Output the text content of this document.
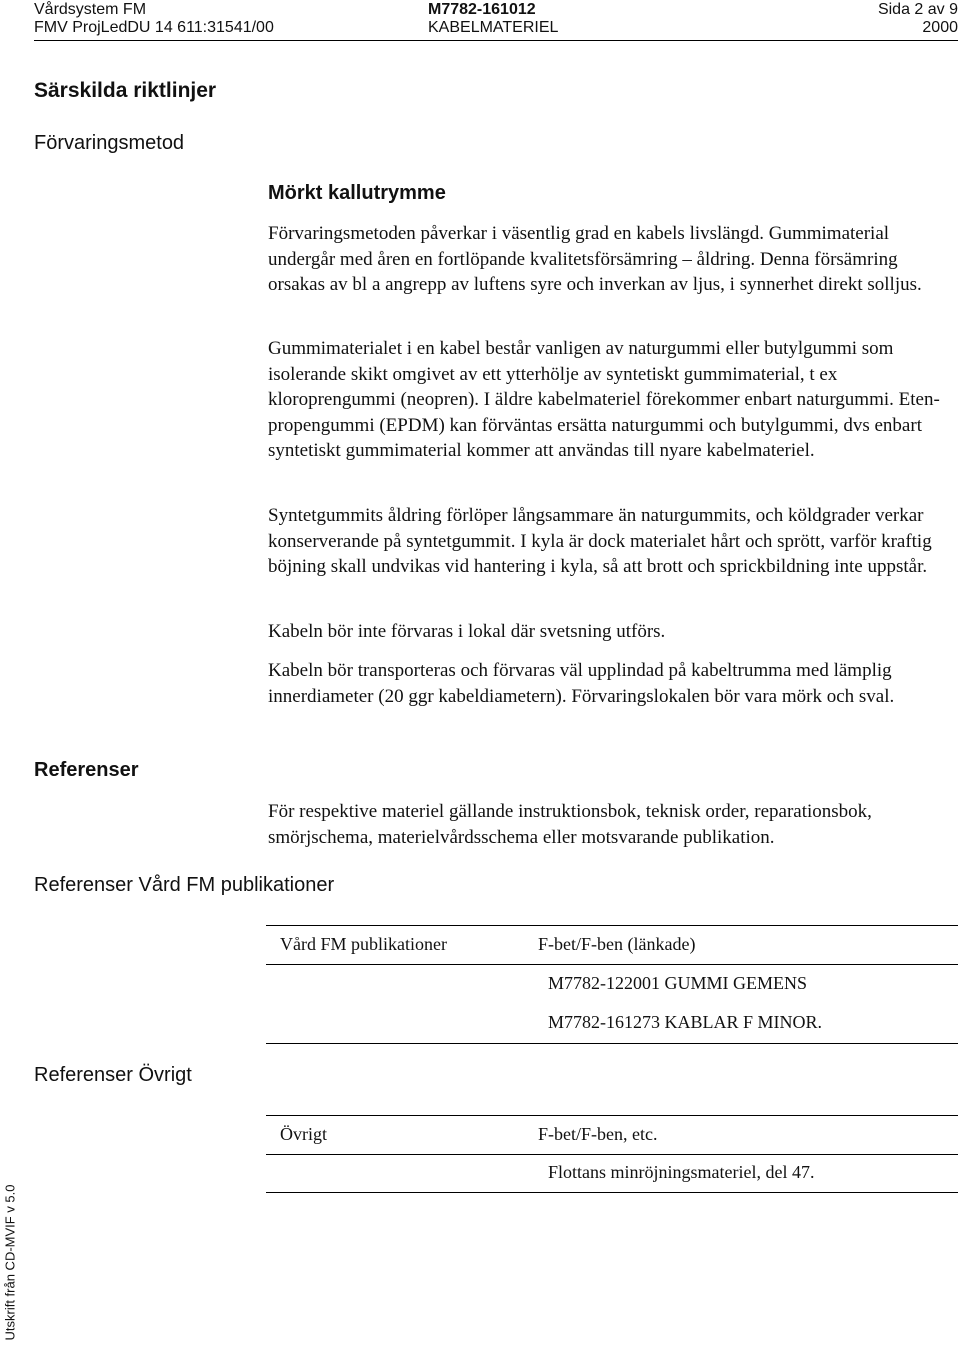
Vårdsystem FM
FMV ProjLedDU 14 611:31541/00
M7782-161012
KABELMATERIEL
Sida 2 av 9
2000
Särskilda riktlinjer
Förvaringsmetod
Mörkt kallutrymme
Förvaringsmetoden påverkar i väsentlig grad en kabels livslängd. Gummimaterial undergår med åren en fortlöpande kvalitetsförsämring – åldring. Denna försämring orsakas av bl a angrepp av luftens syre och inverkan av ljus, i synnerhet direkt solljus.
Gummimaterialet i en kabel består vanligen av naturgummi eller butylgummi som isolerande skikt omgivet av ett ytterhölje av syntetiskt gummimaterial, t ex kloroprengummi (neopren). I äldre kabelmateriel förekommer enbart naturgummi. Eten-propengummi (EPDM) kan förväntas ersätta naturgummi och butylgummi, dvs enbart syntetiskt gummimaterial kommer att användas till nyare kabelmateriel.
Syntetgummits åldring förlöper långsammare än naturgummits, och köldgrader verkar konserverande på syntetgummit. I kyla är dock materialet hårt och sprött, varför kraftig böjning skall undvikas vid hantering i kyla, så att brott och sprickbildning inte uppstår.
Kabeln bör inte förvaras i lokal där svetsning utförs.
Kabeln bör transporteras och förvaras väl upplindad på kabeltrumma med lämplig innerdiameter (20 ggr kabeldiametern). Förvaringslokalen bör vara mörk och sval.
Referenser
För respektive materiel gällande instruktionsbok, teknisk order, reparationsbok, smörjschema, materielvårdsschema eller motsvarande publikation.
Referenser Vård FM publikationer
Vård FM publikationer	F-bet/F-ben (länkade)
M7782-122001 GUMMI GEMENS
M7782-161273 KABLAR F MINOR.
Referenser Övrigt
Övrigt	F-bet/F-ben, etc.
Flottans minröjningsmateriel, del 47.
Utskrift från CD-MVIF v 5.0
